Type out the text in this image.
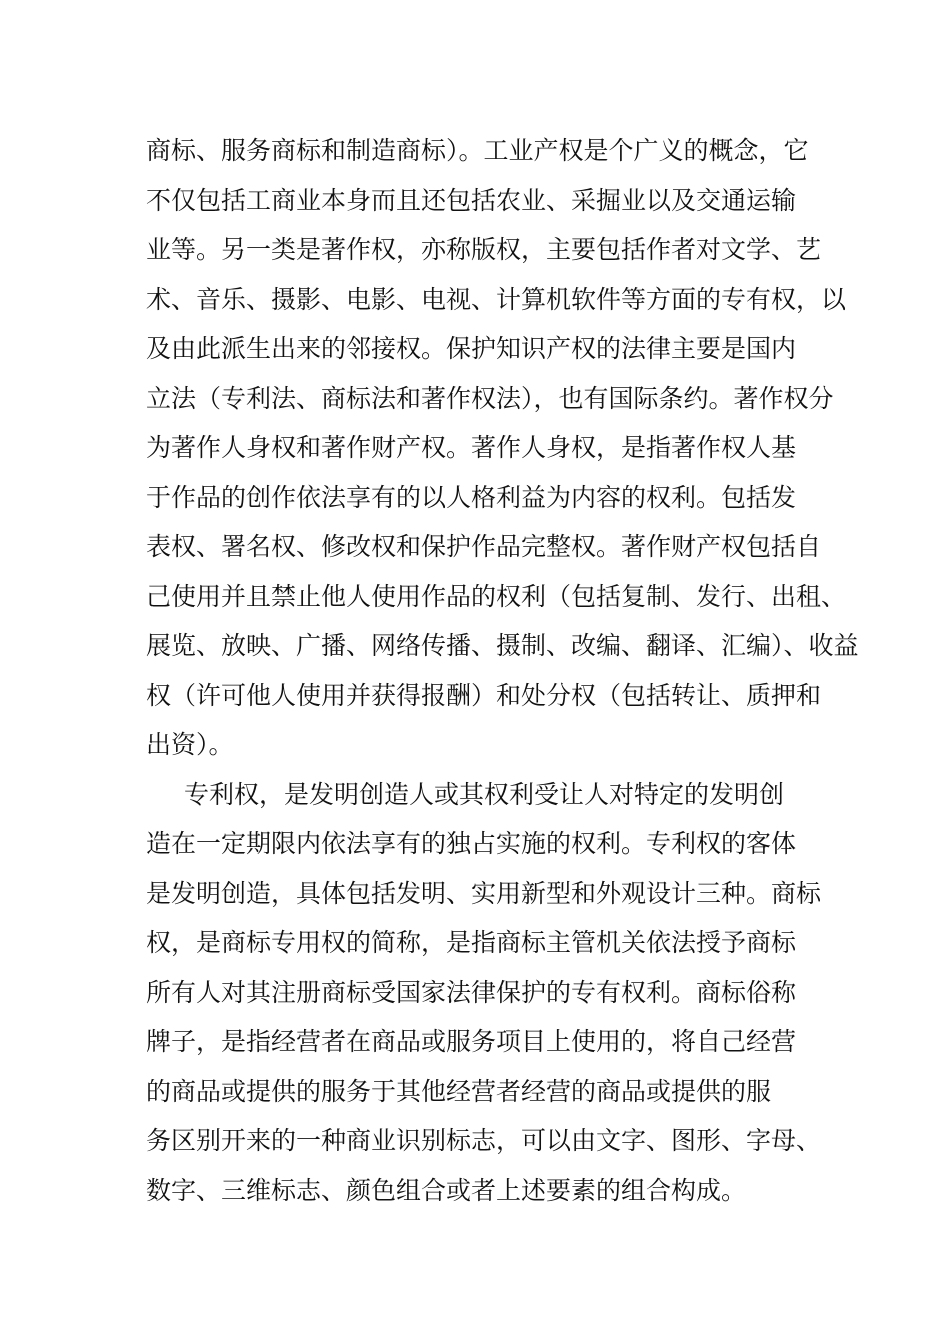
商标、服务商标和制造商标）。工业产权是个广义的概念，它
不仅包括工商业本身而且还包括农业、采掘业以及交通运输
业等。另一类是著作权，亦称版权，主要包括作者对文学、艺
术、音乐、摄影、电影、电视、计算机软件等方面的专有权，以
及由此派生出来的邻接权。保护知识产权的法律主要是国内
立法（专利法、商标法和著作权法），也有国际条约。著作权分
为著作人身权和著作财产权。著作人身权，是指著作权人基
于作品的创作依法享有的以人格利益为内容的权利。包括发
表权、署名权、修改权和保护作品完整权。著作财产权包括自
己使用并且禁止他人使用作品的权利（包括复制、发行、出租、
展览、放映、广播、网络传播、摄制、改编、翻译、汇编）、收益
权（许可他人使用并获得报酬）和处分权（包括转让、质押和
出资）。
专利权，是发明创造人或其权利受让人对特定的发明创
造在一定期限内依法享有的独占实施的权利。专利权的客体
是发明创造，具体包括发明、实用新型和外观设计三种。商标
权，是商标专用权的简称，是指商标主管机关依法授予商标
所有人对其注册商标受国家法律保护的专有权利。商标俗称
牌子，是指经营者在商品或服务项目上使用的，将自己经营
的商品或提供的服务于其他经营者经营的商品或提供的服
务区别开来的一种商业识别标志，可以由文字、图形、字母、
数字、三维标志、颜色组合或者上述要素的组合构成。
